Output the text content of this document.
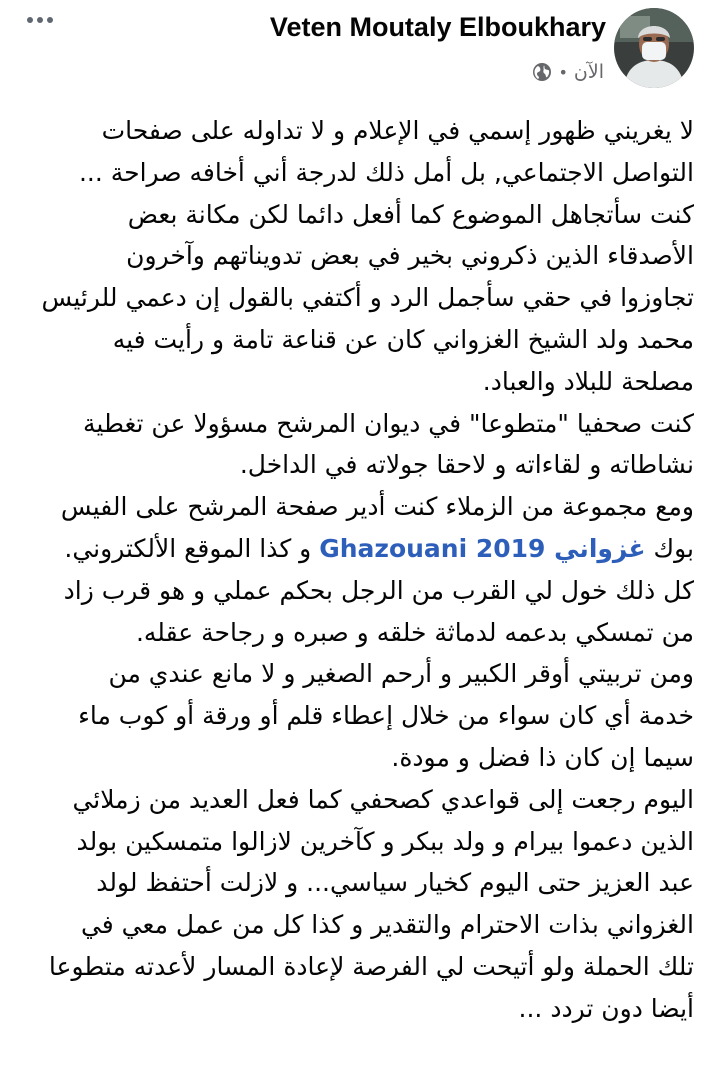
Veten Moutaly Elboukhary
• الآن
لا يغريني ظهور إسمي في الإعلام و لا تداوله على صفحات
التواصل الاجتماعي, بل أمل ذلك لدرجة أني أخافه صراحة ...
كنت سأتجاهل الموضوع كما أفعل دائما لكن مكانة بعض
الأصدقاء الذين ذكروني بخير في بعض تدويناتهم وآخرون
تجاوزوا في حقي سأجمل الرد و أكتفي بالقول إن دعمي للرئيس
محمد ولد الشيخ الغزواني كان عن قناعة تامة و رأيت فيه
مصلحة للبلاد والعباد.
كنت صحفيا "متطوعا" في ديوان المرشح مسؤولا عن تغطية
نشاطاته و لقاءاته و لاحقا جولاته في الداخل.
ومع مجموعة من الزملاء كنت أدير صفحة المرشح على الفيس
بوك غزواني Ghazouani 2019 و كذا الموقع الألكتروني.
كل ذلك خول لي القرب من الرجل بحكم عملي و هو قرب زاد
من تمسكي بدعمه لدماثة خلقه و صبره و رجاحة عقله.
ومن تربيتي أوقر الكبير و أرحم الصغير و لا مانع عندي من
خدمة أي كان سواء من خلال إعطاء قلم أو ورقة أو كوب ماء
سيما إن كان ذا فضل و مودة.
اليوم رجعت إلى قواعدي كصحفي كما فعل العديد من زملائي
الذين دعموا بيرام و ولد ببكر و كآخرين لازالوا متمسكين بولد
عبد العزيز حتى اليوم كخيار سياسي... و لازلت أحتفظ لولد
الغزواني بذات الاحترام والتقدير و كذا كل من عمل معي في
تلك الحملة ولو أتيحت لي الفرصة لإعادة المسار لأعدته متطوعا
أيضا دون تردد ...
